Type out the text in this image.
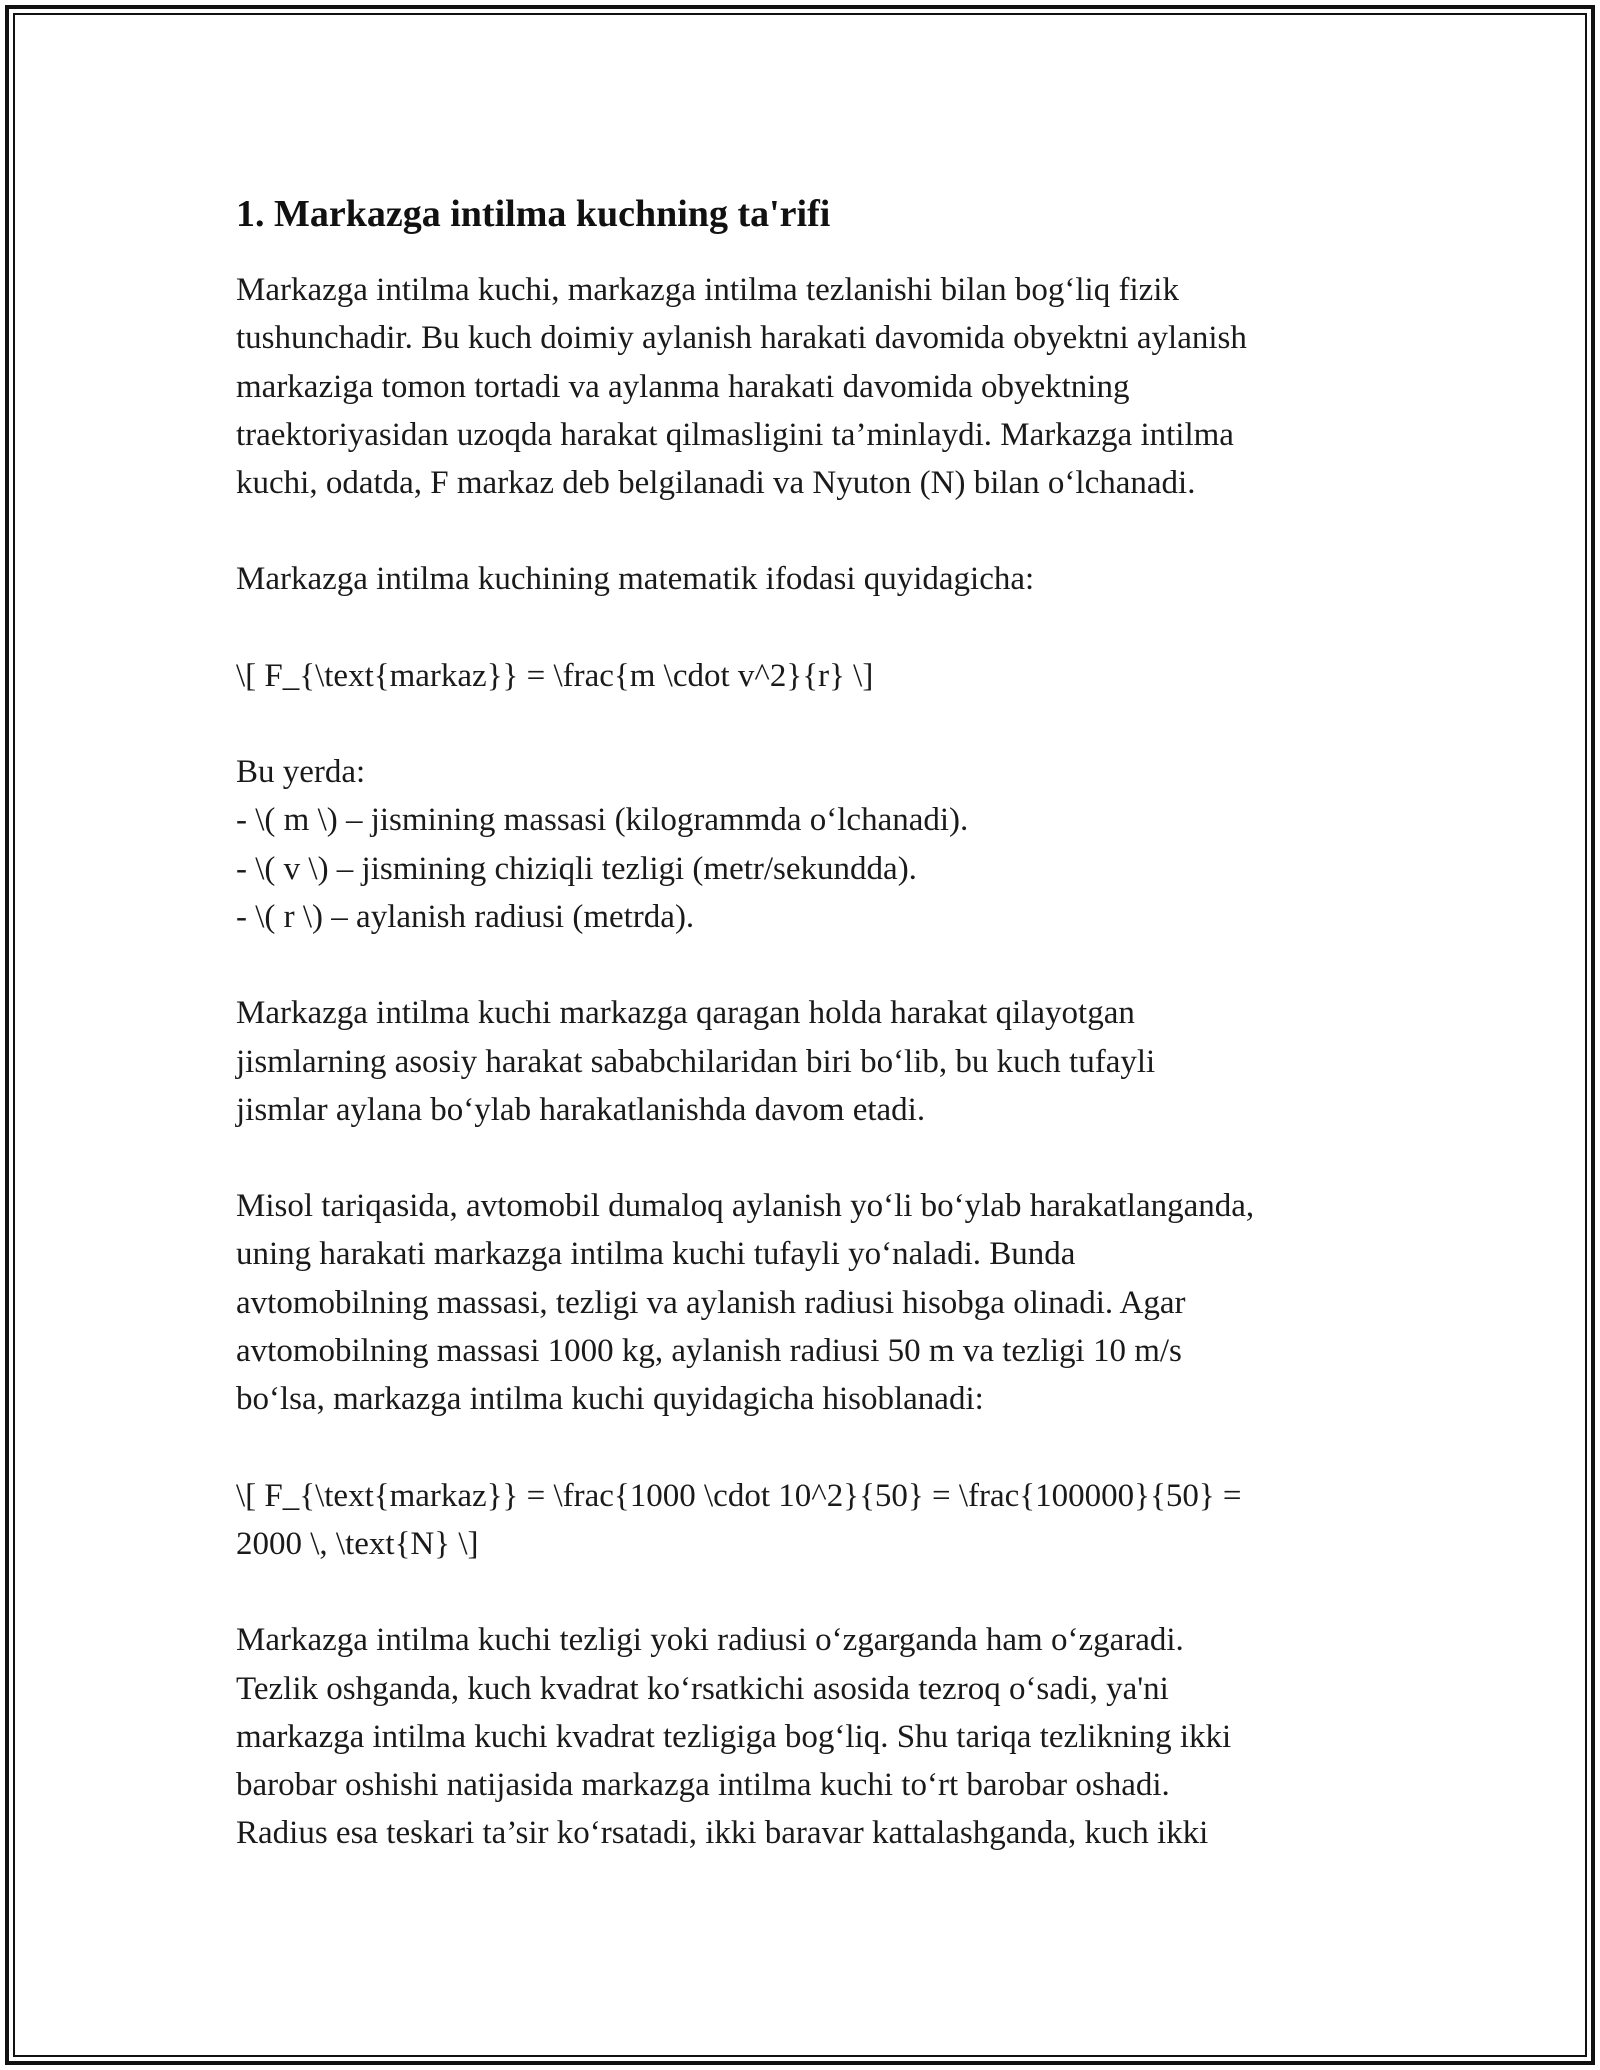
1. Markazga intilma kuchning ta'rifi

Markazga intilma kuchi, markazga intilma tezlanishi bilan bogʻliq fizik
tushunchadir. Bu kuch doimiy aylanish harakati davomida obyektni aylanish
markaziga tomon tortadi va aylanma harakati davomida obyektning
traektoriyasidan uzoqda harakat qilmasligini ta’minlaydi. Markazga intilma
kuchi, odatda, F markaz deb belgilanadi va Nyuton (N) bilan oʻlchanadi.

Markazga intilma kuchining matematik ifodasi quyidagicha:

\[ F_{\text{markaz}} = \frac{m \cdot v^2}{r} \]

Bu yerda:
- \( m \) – jismining massasi (kilogrammda oʻlchanadi).
- \( v \) – jismining chiziqli tezligi (metr/sekundda).
- \( r \) – aylanish radiusi (metrda).

Markazga intilma kuchi markazga qaragan holda harakat qilayotgan
jismlarning asosiy harakat sababchilaridan biri boʻlib, bu kuch tufayli
jismlar aylana boʻylab harakatlanishda davom etadi.

Misol tariqasida, avtomobil dumaloq aylanish yoʻli boʻylab harakatlanganda,
uning harakati markazga intilma kuchi tufayli yoʻnaladi. Bunda
avtomobilning massasi, tezligi va aylanish radiusi hisobga olinadi. Agar
avtomobilning massasi 1000 kg, aylanish radiusi 50 m va tezligi 10 m/s
boʻlsa, markazga intilma kuchi quyidagicha hisoblanadi:

\[ F_{\text{markaz}} = \frac{1000 \cdot 10^2}{50} = \frac{100000}{50} =
2000 \, \text{N} \]

Markazga intilma kuchi tezligi yoki radiusi oʻzgarganda ham oʻzgaradi.
Tezlik oshganda, kuch kvadrat koʻrsatkichi asosida tezroq oʻsadi, ya'ni
markazga intilma kuchi kvadrat tezligiga bogʻliq. Shu tariqa tezlikning ikki
barobar oshishi natijasida markazga intilma kuchi toʻrt barobar oshadi.
Radius esa teskari ta’sir koʻrsatadi, ikki baravar kattalashganda, kuch ikki
